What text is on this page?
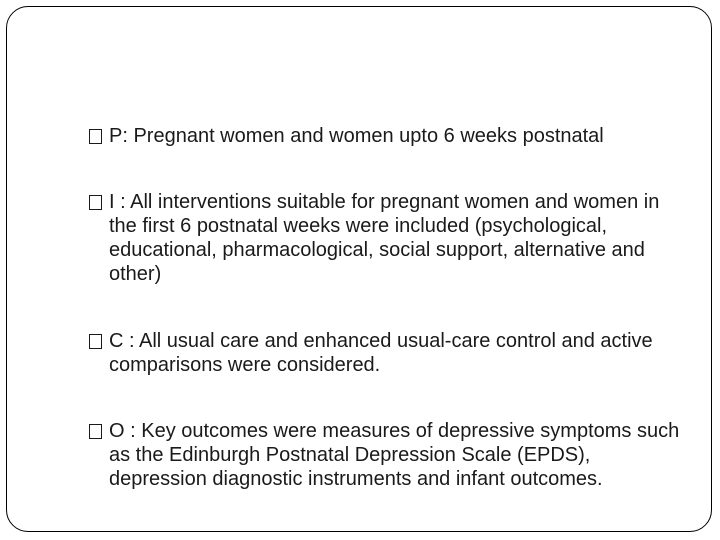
P: Pregnant women and women upto 6 weeks postnatal
I : All interventions suitable for pregnant women and women in the first 6 postnatal weeks were included (psychological, educational, pharmacological, social support, alternative and other)
C : All usual care and enhanced usual-care control and active comparisons were considered.
O : Key outcomes were measures of depressive symptoms such as the Edinburgh Postnatal Depression Scale (EPDS), depression diagnostic instruments and infant outcomes.
